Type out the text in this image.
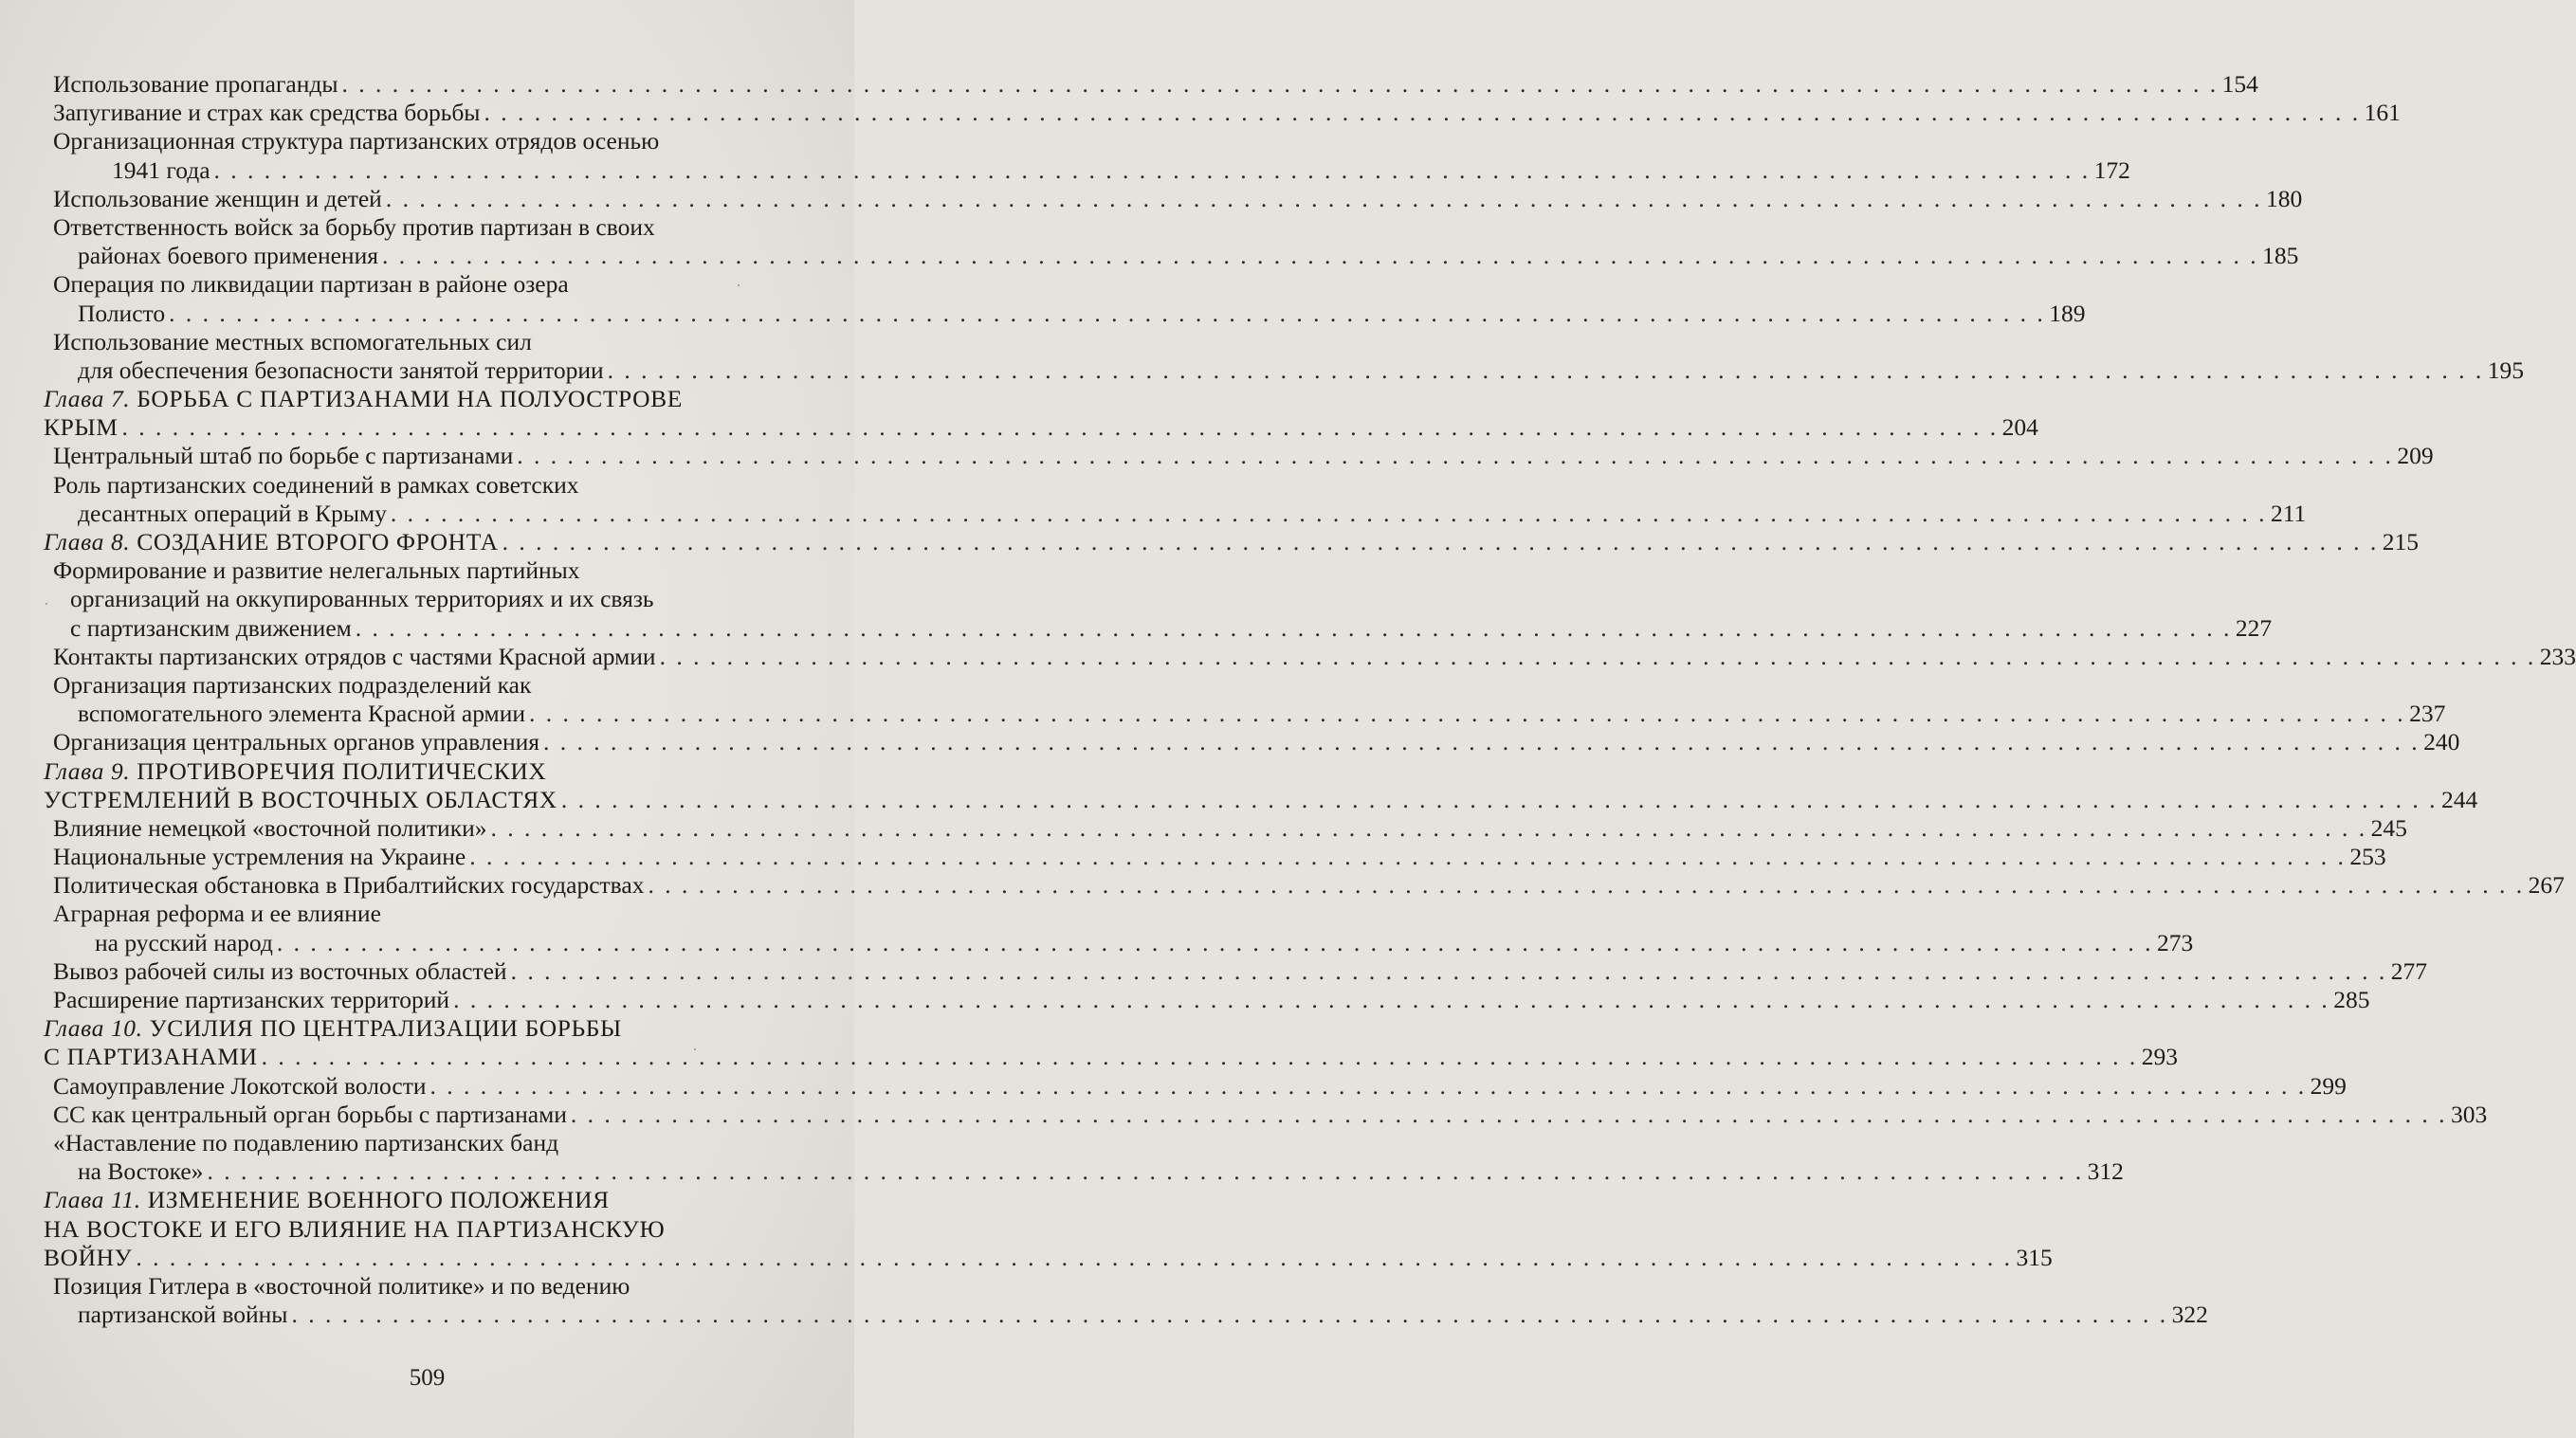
Использование пропаганды . . .	154
Запугивание и страх как средства борьбы . . .	161
Организационная структура партизанских отрядов осенью
1941 года . . .	172
Использование женщин и детей . . .	180
Ответственность войск за борьбу против партизан в своих
районах боевого применения . . .	185
Операция по ликвидации партизан в районе озера
Полисто . . .	189
Использование местных вспомогательных сил
для обеспечения безопасности занятой территории . . .	195
Глава 7. БОРЬБА С ПАРТИЗАНАМИ НА ПОЛУОСТРОВЕ
КРЫМ . . .	204
Центральный штаб по борьбе с партизанами . . .	209
Роль партизанских соединений в рамках советских
десантных операций в Крыму . . .	211
Глава 8. СОЗДАНИЕ ВТОРОГО ФРОНТА . . .	215
Формирование и развитие нелегальных партийных
организаций на оккупированных территориях и их связь
с партизанским движением . . .	227
Контакты партизанских отрядов с частями Красной армии . . .	233
Организация партизанских подразделений как
вспомогательного элемента Красной армии . . .	237
Организация центральных органов управления . . .	240
Глава 9. ПРОТИВОРЕЧИЯ ПОЛИТИЧЕСКИХ
УСТРЕМЛЕНИЙ В ВОСТОЧНЫХ ОБЛАСТЯХ . . .	244
Влияние немецкой «восточной политики» . . .	245
Национальные устремления на Украине . . .	253
Политическая обстановка в Прибалтийских государствах . . .	267
Аграрная реформа и ее влияние
на русский народ . . .	273
Вывоз рабочей силы из восточных областей . . .	277
Расширение партизанских территорий . . .	285
Глава 10. УСИЛИЯ ПО ЦЕНТРАЛИЗАЦИИ БОРЬБЫ
С ПАРТИЗАНАМИ . . .	293
Самоуправление Локотской волости . . .	299
СС как центральный орган борьбы с партизанами . . .	303
«Наставление по подавлению партизанских банд
на Востоке» . . .	312
Глава 11. ИЗМЕНЕНИЕ ВОЕННОГО ПОЛОЖЕНИЯ
НА ВОСТОКЕ И ЕГО ВЛИЯНИЕ НА ПАРТИЗАНСКУЮ
ВОЙНУ . . .	315
Позиция Гитлера в «восточной политике» и по ведению
партизанской войны . . .	322
509
